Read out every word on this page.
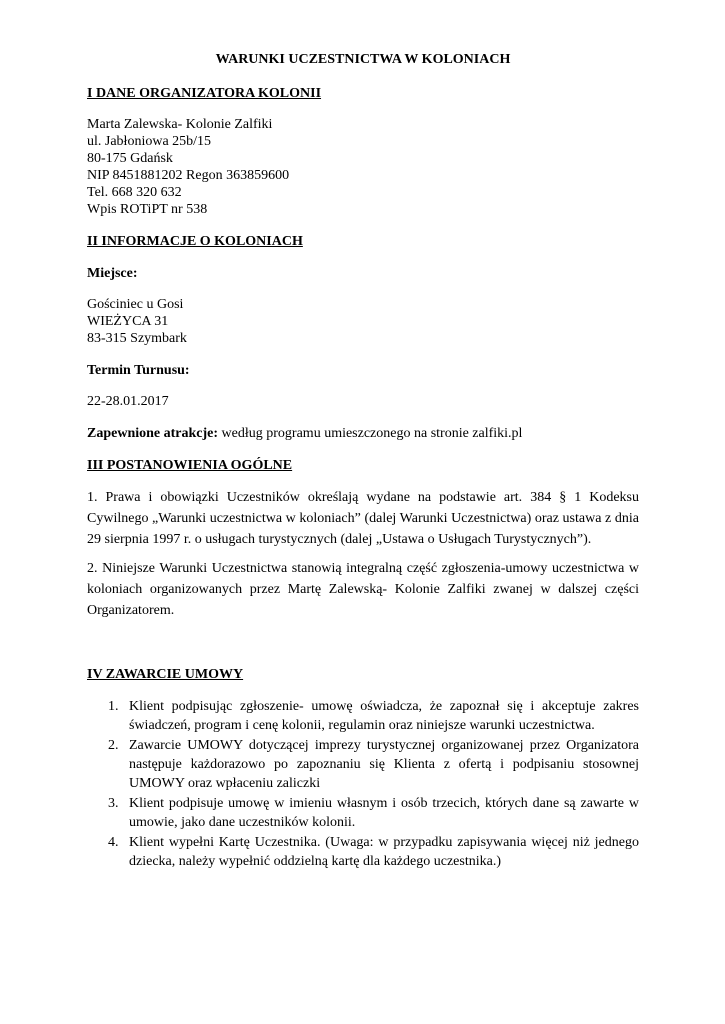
WARUNKI UCZESTNICTWA W KOLONIACH
I DANE ORGANIZATORA KOLONII
Marta Zalewska- Kolonie Zalfiki
ul. Jabłoniowa 25b/15
80-175 Gdańsk
NIP 8451881202 Regon 363859600
Tel. 668 320 632
Wpis ROTiPT nr 538
II INFORMACJE O KOLONIACH
Miejsce:
Gościniec u Gosi
WIEŻYCA 31
83-315 Szymbark
Termin Turnusu:
22-28.01.2017
Zapewnione atrakcje: według programu umieszczonego na stronie zalfiki.pl
III POSTANOWIENIA OGÓLNE
1. Prawa i obowiązki Uczestników określają wydane na podstawie art. 384 § 1 Kodeksu Cywilnego „Warunki uczestnictwa w koloniach” (dalej Warunki Uczestnictwa) oraz ustawa z dnia 29 sierpnia 1997 r. o usługach turystycznych (dalej „Ustawa o Usługach Turystycznych”).
2. Niniejsze Warunki Uczestnictwa stanowią integralną część zgłoszenia-umowy uczestnictwa w koloniach organizowanych przez Martę Zalewską- Kolonie Zalfiki zwanej w dalszej części Organizatorem.
IV ZAWARCIE UMOWY
1. Klient podpisując zgłoszenie- umowę oświadcza, że zapoznał się i akceptuje zakres świadczeń, program i cenę kolonii, regulamin oraz niniejsze warunki uczestnictwa.
2. Zawarcie UMOWY dotyczącej imprezy turystycznej organizowanej przez Organizatora następuje każdorazowo po zapoznaniu się Klienta z ofertą i podpisaniu stosownej UMOWY oraz wpłaceniu zaliczki
3. Klient podpisuje umowę w imieniu własnym i osób trzecich, których dane są zawarte w umowie, jako dane uczestników kolonii.
4. Klient wypełni Kartę Uczestnika. (Uwaga: w przypadku zapisywania więcej niż jednego dziecka, należy wypełnić oddzielną kartę dla każdego uczestnika.)
